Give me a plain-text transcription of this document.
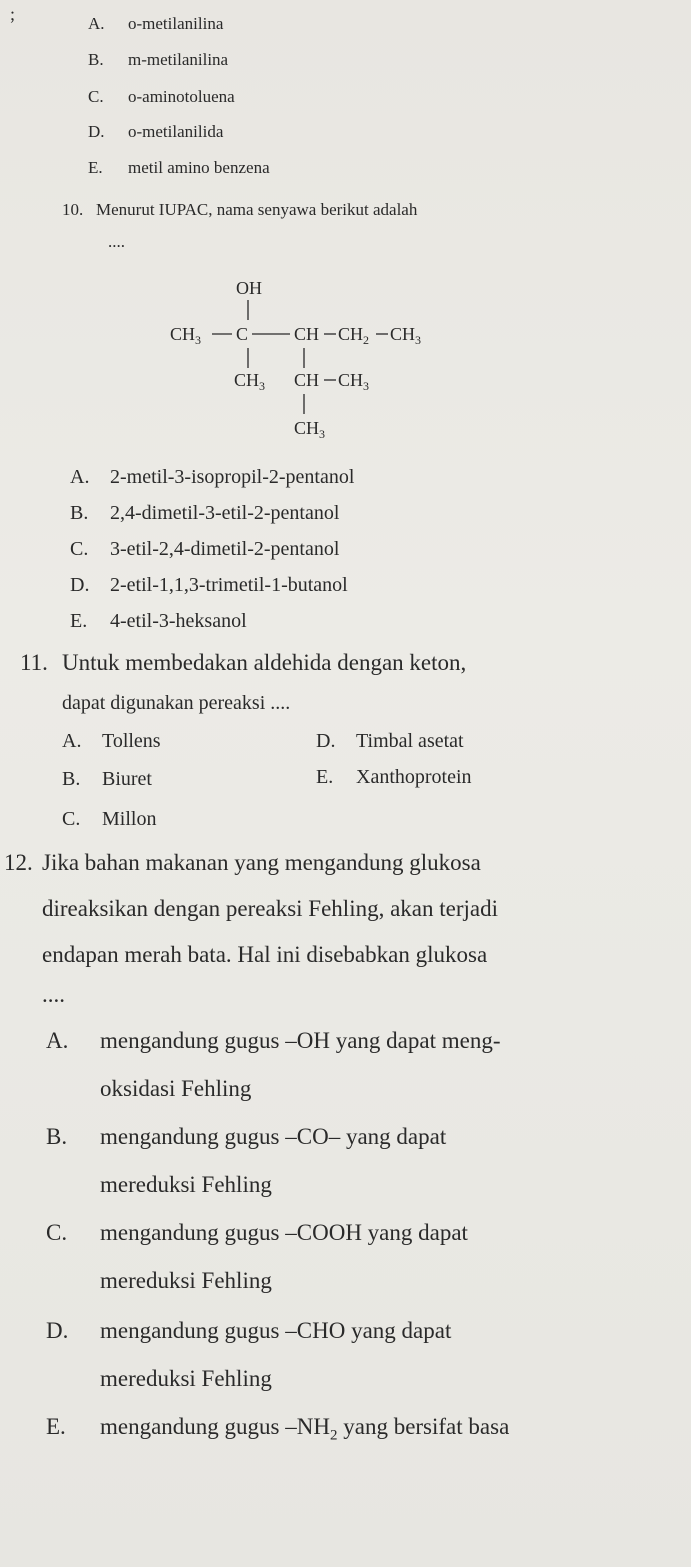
;	A. o-metilanilina
B. m-metilanilina
C. o-aminotoluena
D. o-metilanilida
E. metil amino benzena
10. Menurut IUPAC, nama senyawa berikut adalah
....
OH
$CH_3$ C	CH $CH_2$ $CH_3$
$CH_3$ CH $CH_3$
$CH_3$
A. 2-metil-3-isopropil-2-pentanol
B. 2,4-dimetil-3-etil-2-pentanol
C. 3-etil-2,4-dimetil-2-pentanol
D. 2-etil-1,1,3-trimetil-1-butanol
E. 4-etil-3-heksanol
11. Untuk membedakan aldehida dengan keton,
dapat digunakan pereaksi ....
A. Tollens	D. Timbal asetat
B. Biuret	E. Xanthoprotein
C. Millon
12. Jika bahan makanan yang mengandung glukosa
direaksikan dengan pereaksi Fehling, akan terjadi
endapan merah bata. Hal ini disebabkan glukosa
....
A. mengandung gugus –OH yang dapat meng-
oksidasi Fehling
B. mengandung gugus –CO– yang dapat
mereduksi Fehling
C. mengandung gugus –COOH yang dapat
mereduksi Fehling
D. mengandung gugus –CHO yang dapat
mereduksi Fehling
E. mengandung gugus $-NH_2$ yang bersifat basa
